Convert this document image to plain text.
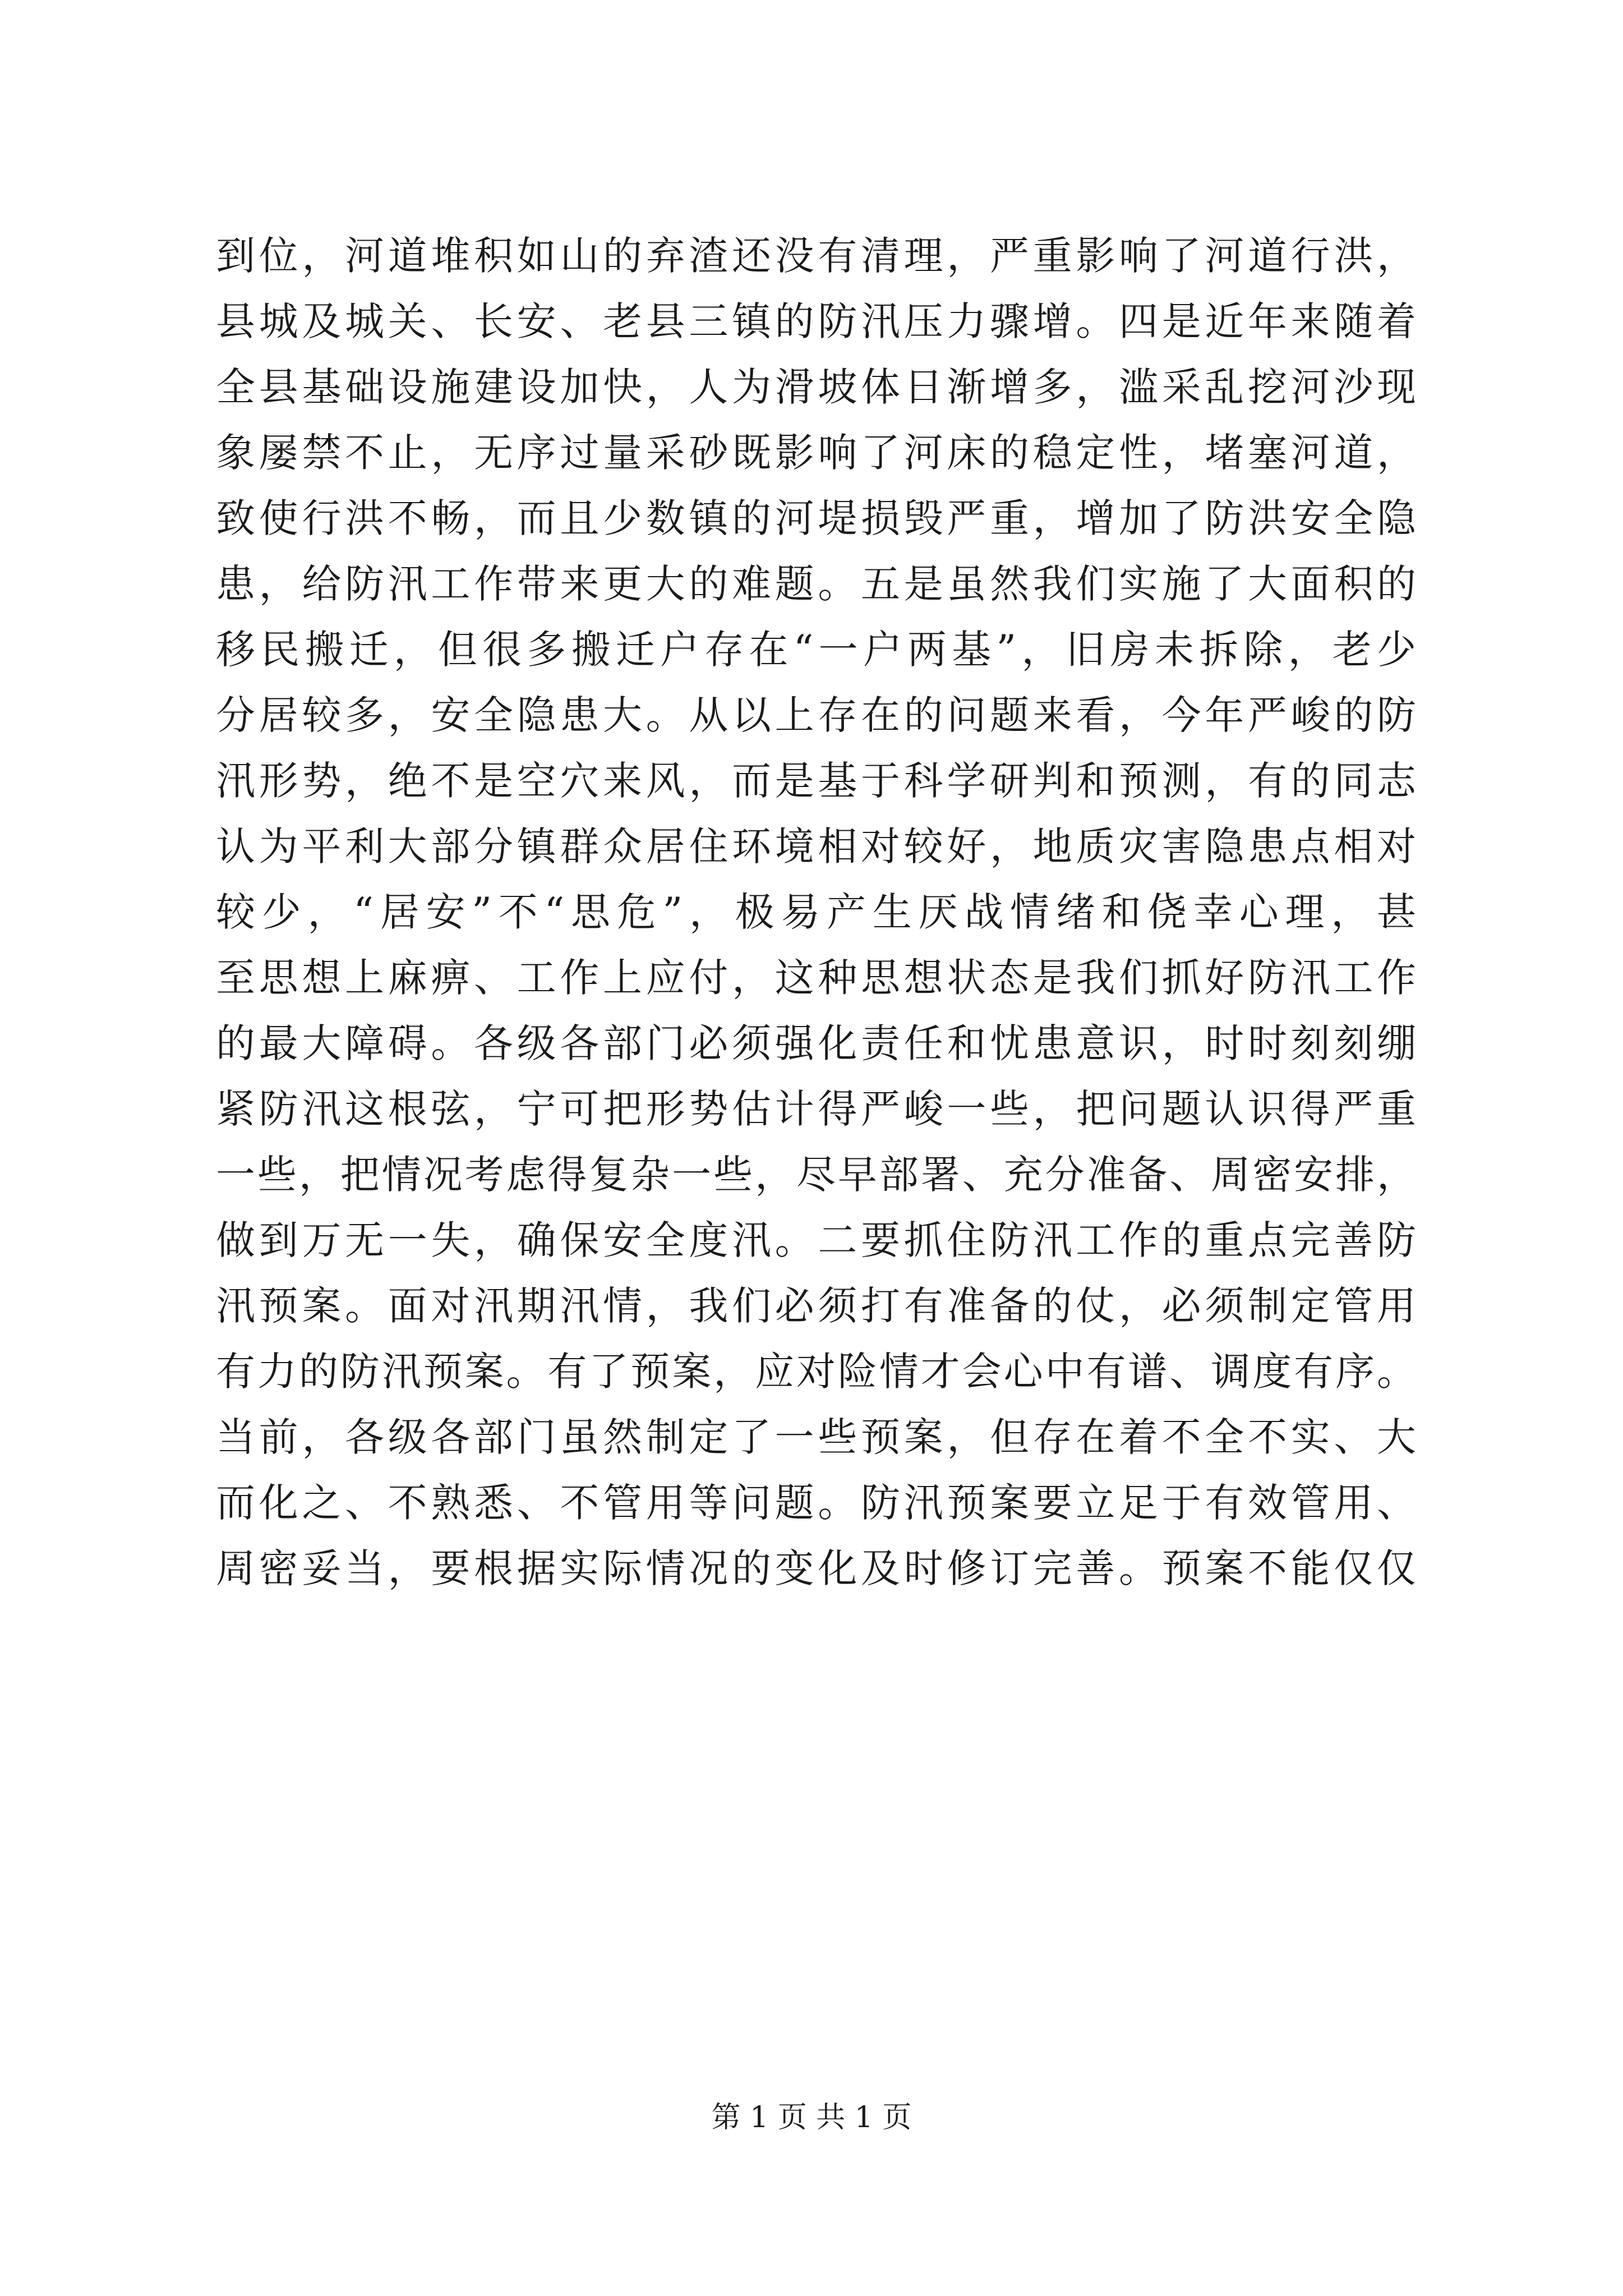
到位，河道堆积如山的弃渣还没有清理，严重影响了河道行洪，
县城及城关、长安、老县三镇的防汛压力骤增。四是近年来随着
全县基础设施建设加快，人为滑坡体日渐增多，滥采乱挖河沙现
象屡禁不止，无序过量采砂既影响了河床的稳定性，堵塞河道，
致使行洪不畅，而且少数镇的河堤损毁严重，增加了防洪安全隐
患，给防汛工作带来更大的难题。五是虽然我们实施了大面积的
移民搬迁，但很多搬迁户存在“一户两基”，旧房未拆除，老少
分居较多，安全隐患大。从以上存在的问题来看，今年严峻的防
汛形势，绝不是空穴来风，而是基于科学研判和预测，有的同志
认为平利大部分镇群众居住环境相对较好，地质灾害隐患点相对
较少，“居安”不“思危”，极易产生厌战情绪和侥幸心理，甚
至思想上麻痹、工作上应付，这种思想状态是我们抓好防汛工作
的最大障碍。各级各部门必须强化责任和忧患意识，时时刻刻绷
紧防汛这根弦，宁可把形势估计得严峻一些，把问题认识得严重
一些，把情况考虑得复杂一些，尽早部署、充分准备、周密安排，
做到万无一失，确保安全度汛。二要抓住防汛工作的重点完善防
汛预案。面对汛期汛情，我们必须打有准备的仗，必须制定管用
有力的防汛预案。有了预案，应对险情才会心中有谱、调度有序。
当前，各级各部门虽然制定了一些预案，但存在着不全不实、大
而化之、不熟悉、不管用等问题。防汛预案要立足于有效管用、
周密妥当，要根据实际情况的变化及时修订完善。预案不能仅仅
第 1 页 共 1 页
